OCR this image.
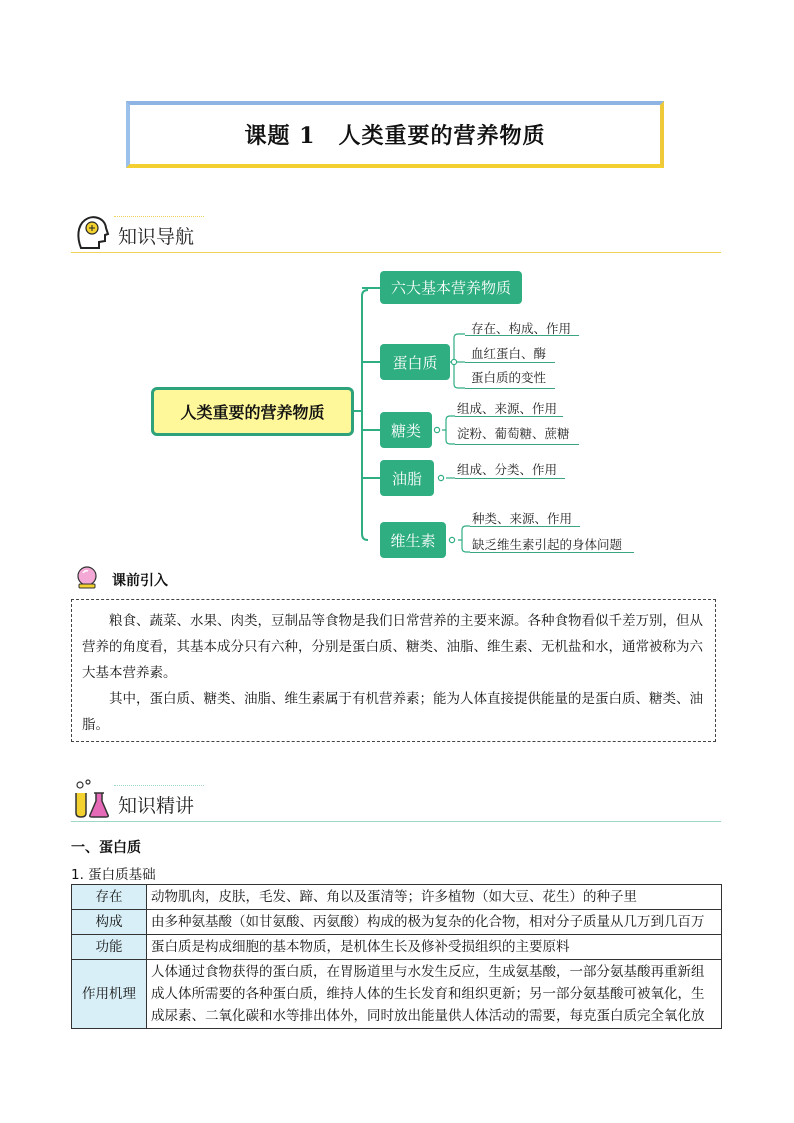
课题 1　人类重要的营养物质
知识导航
人类重要的营养物质
六大基本营养物质
蛋白质
糖类
油脂
维生素
存在、构成、作用
血红蛋白、酶
蛋白质的变性
组成、来源、作用
淀粉、葡萄糖、蔗糖
组成、分类、作用
种类、来源、作用
缺乏维生素引起的身体问题
课前引入

粮食、蔬菜、水果、肉类，豆制品等食物是我们日常营养的主要来源。各种食物看似千差万别，但从营养的角度看，其基本成分只有六种，分别是蛋白质、糖类、油脂、维生素、无机盐和水，通常被称为六大基本营养素。

其中，蛋白质、糖类、油脂、维生素属于有机营养素；能为人体直接提供能量的是蛋白质、糖类、油脂。

知识精讲
一、蛋白质
1. 蛋白质基础
存在	动物肌肉，皮肤，毛发、蹄、角以及蛋清等；许多植物（如大豆、花生）的种子里
构成	由多种氨基酸（如甘氨酸、丙氨酸）构成的极为复杂的化合物，相对分子质量从几万到几百万
功能	蛋白质是构成细胞的基本物质，是机体生长及修补受损组织的主要原料
作用机理	人体通过食物获得的蛋白质，在胃肠道里与水发生反应，生成氨基酸，一部分氨基酸再重新组成人体所需要的各种蛋白质，维持人体的生长发育和组织更新；另一部分氨基酸可被氧化，生成尿素、二氧化碳和水等排出体外，同时放出能量供人体活动的需要，每克蛋白质完全氧化放
